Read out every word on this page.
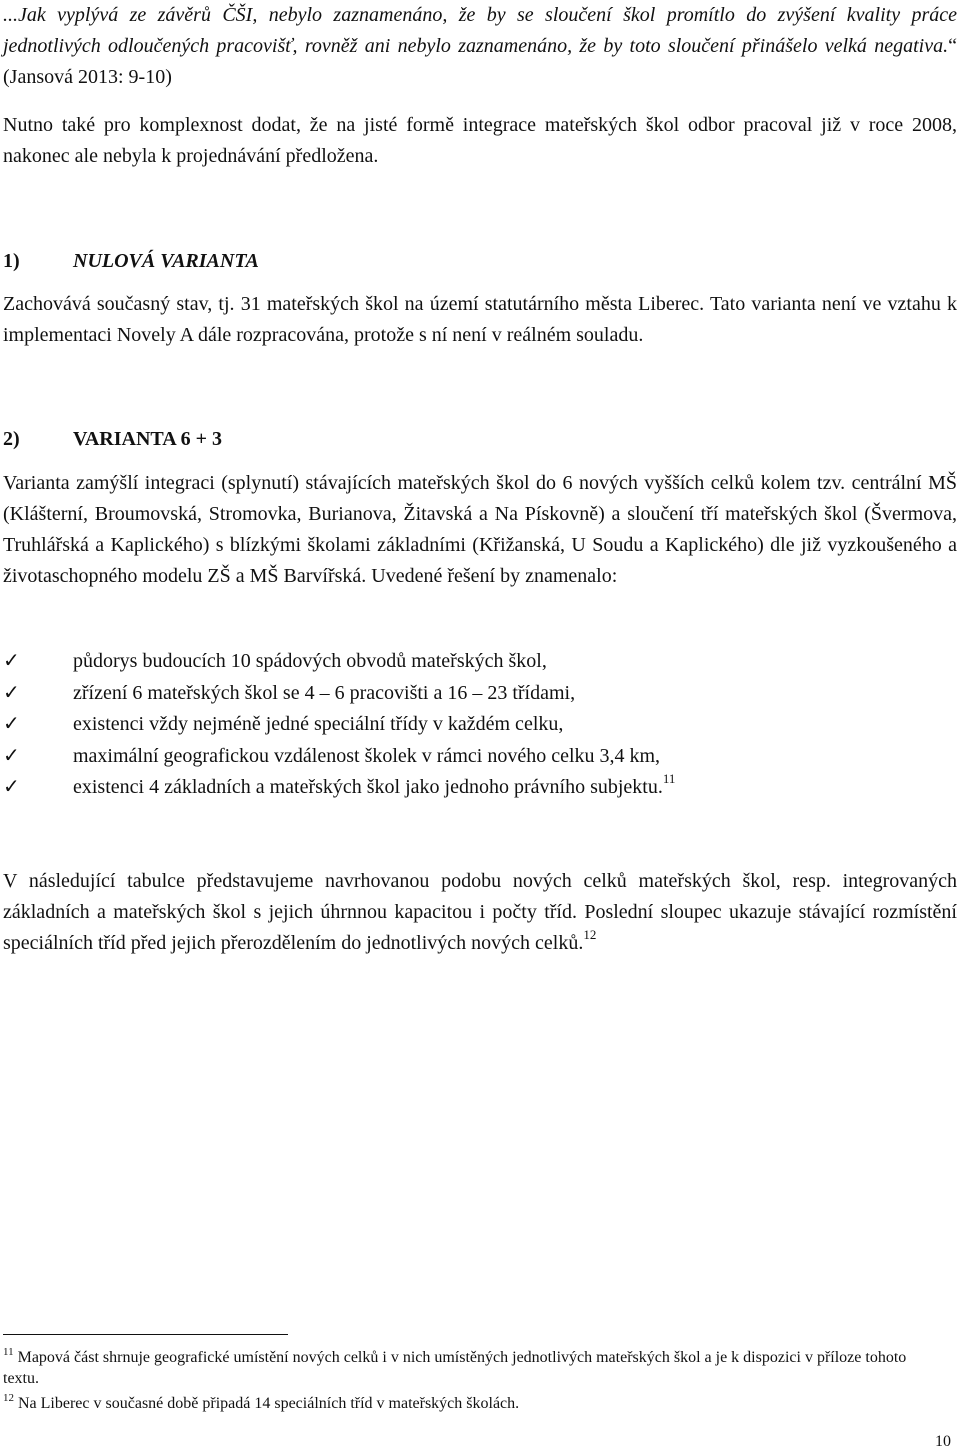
...Jak vyplývá ze závěrů ČŠI, nebylo zaznamenáno, že by se sloučení škol promítlo do zvýšení kvality práce jednotlivých odloučených pracovišť, rovněž ani nebylo zaznamenáno, že by toto sloučení přinášelo velká negativa.“ (Jansová 2013: 9-10)

Nutno také pro komplexnost dodat, že na jisté formě integrace mateřských škol odbor pracoval již v roce 2008, nakonec ale nebyla k projednávání předložena.

1)	NULOVÁ VARIANTA

Zachovává současný stav, tj. 31 mateřských škol na území statutárního města Liberec. Tato varianta není ve vztahu k implementaci Novely A dále rozpracována, protože s ní není v reálném souladu.

2)	VARIANTA 6 + 3

Varianta zamýšlí integraci (splynutí) stávajících mateřských škol do 6 nových vyšších celků kolem tzv. centrální MŠ (Klášterní, Broumovská, Stromovka, Burianova, Žitavská a Na Pískovně) a sloučení tří mateřských škol (Švermova, Truhlářská a Kaplického) s blízkými školami základními (Křižanská, U Soudu a Kaplického) dle již vyzkoušeného a životaschopného modelu ZŠ a MŠ Barvířská. Uvedené řešení by znamenalo:

✓	půdorys budoucích 10 spádových obvodů mateřských škol,
✓	zřízení 6 mateřských škol se 4 – 6 pracovišti a 16 – 23 třídami,
✓	existenci vždy nejméně jedné speciální třídy v každém celku,
✓	maximální geografickou vzdálenost školek v rámci nového celku 3,4 km,
✓	existenci 4 základních a mateřských škol jako jednoho právního subjektu.$^{11}$

V následující tabulce představujeme navrhovanou podobu nových celků mateřských škol, resp. integrovaných základních a mateřských škol s jejich úhrnnou kapacitou i počty tříd. Poslední sloupec ukazuje stávající rozmístění speciálních tříd před jejich přerozdělením do jednotlivých nových celků.$^{12}$

$^{11}$ Mapová část shrnuje geografické umístění nových celků i v nich umístěných jednotlivých mateřských škol a je k dispozici v příloze tohoto textu.

$^{12}$ Na Liberec v současné době připadá 14 speciálních tříd v mateřských školách.

10
